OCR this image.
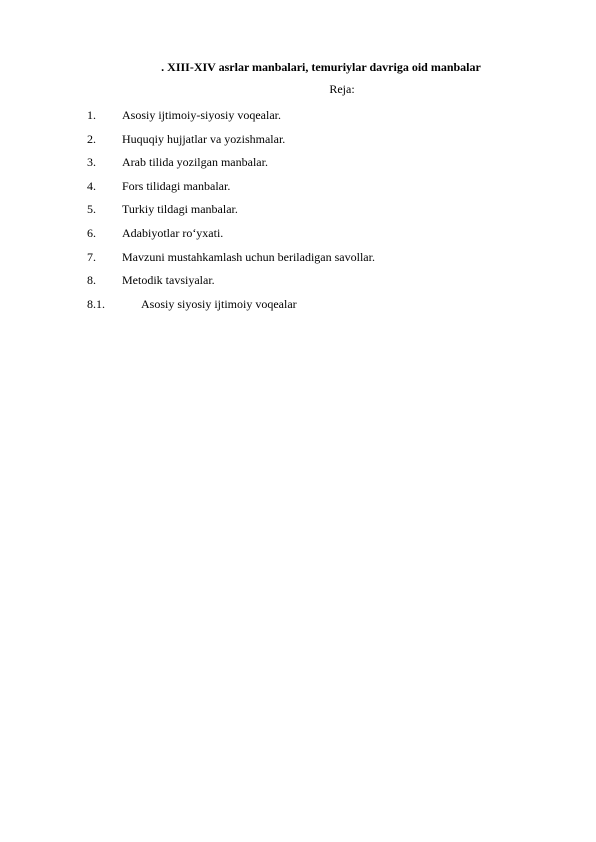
. XIII-XIV asrlar manbalari, temuriylar davriga oid manbalar
Reja:
1. Asosiy ijtimoiy-siyosiy voqealar.
2. Huquqiy hujjatlar va yozishmalar.
3. Arab tilida yozilgan manbalar.
4. Fors tilidagi manbalar.
5. Turkiy tildagi manbalar.
6. Adabiyotlar ro‘yxati.
7. Mavzuni mustahkamlash uchun beriladigan savollar.
8. Metodik tavsiyalar.
8.1.	Asosiy siyosiy ijtimoiy voqealar
